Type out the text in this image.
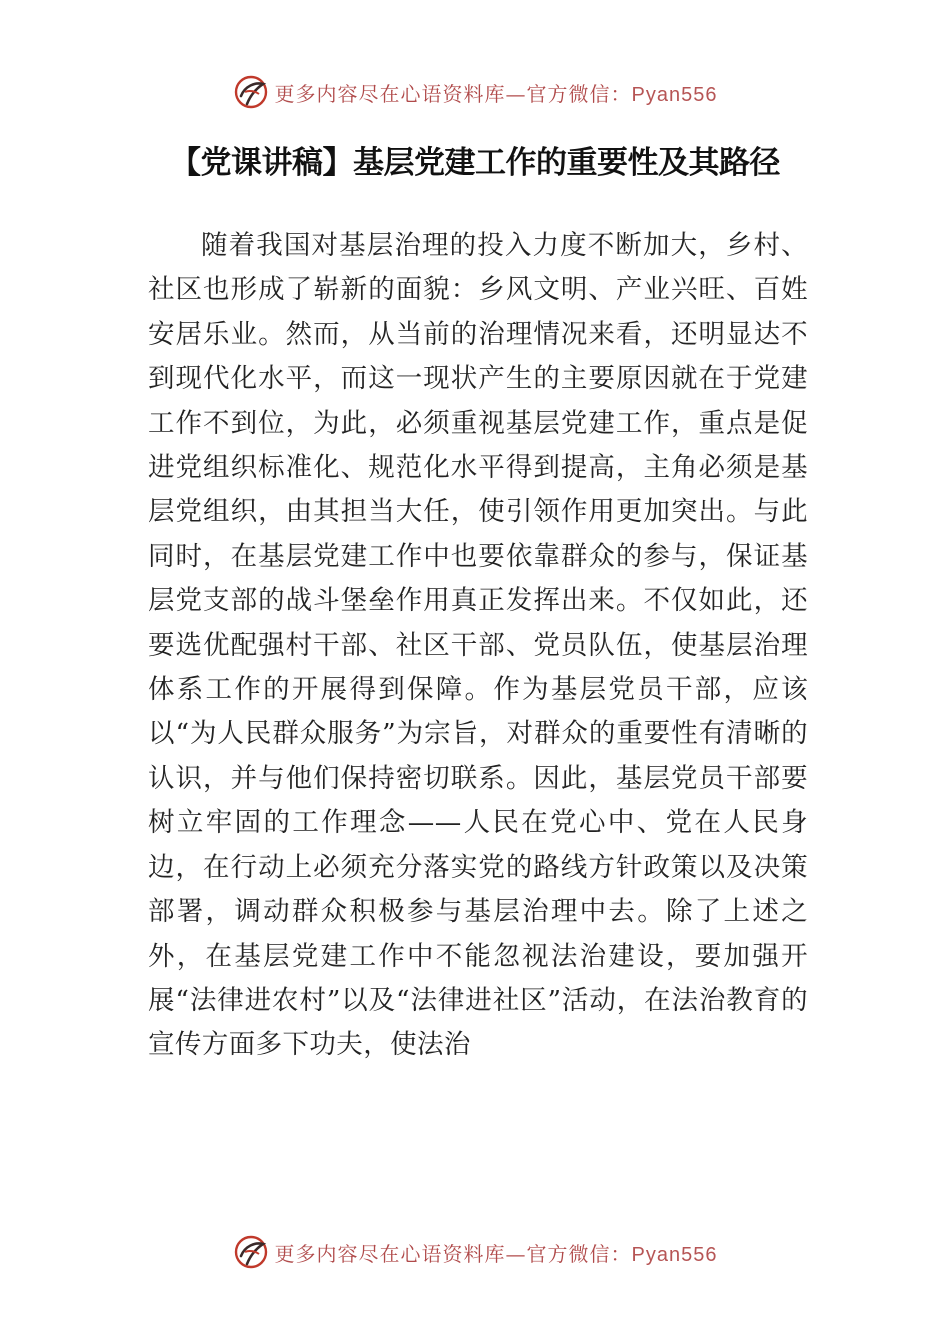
更多内容尽在心语资料库—官方微信：Pyan556
【党课讲稿】基层党建工作的重要性及其路径
随着我国对基层治理的投入力度不断加大，乡村、社区也形成了崭新的面貌：乡风文明、产业兴旺、百姓安居乐业。然而，从当前的治理情况来看，还明显达不到现代化水平，而这一现状产生的主要原因就在于党建工作不到位，为此，必须重视基层党建工作，重点是促进党组织标准化、规范化水平得到提高，主角必须是基层党组织，由其担当大任，使引领作用更加突出。与此同时，在基层党建工作中也要依靠群众的参与，保证基层党支部的战斗堡垒作用真正发挥出来。不仅如此，还要选优配强村干部、社区干部、党员队伍，使基层治理体系工作的开展得到保障。作为基层党员干部，应该以“为人民群众服务”为宗旨，对群众的重要性有清晰的认识，并与他们保持密切联系。因此，基层党员干部要树立牢固的工作理念——人民在党心中、党在人民身边，在行动上必须充分落实党的路线方针政策以及决策部署，调动群众积极参与基层治理中去。除了上述之外，在基层党建工作中不能忽视法治建设，要加强开展“法律进农村”以及“法律进社区”活动，在法治教育的宣传方面多下功夫，使法治
更多内容尽在心语资料库—官方微信：Pyan556
